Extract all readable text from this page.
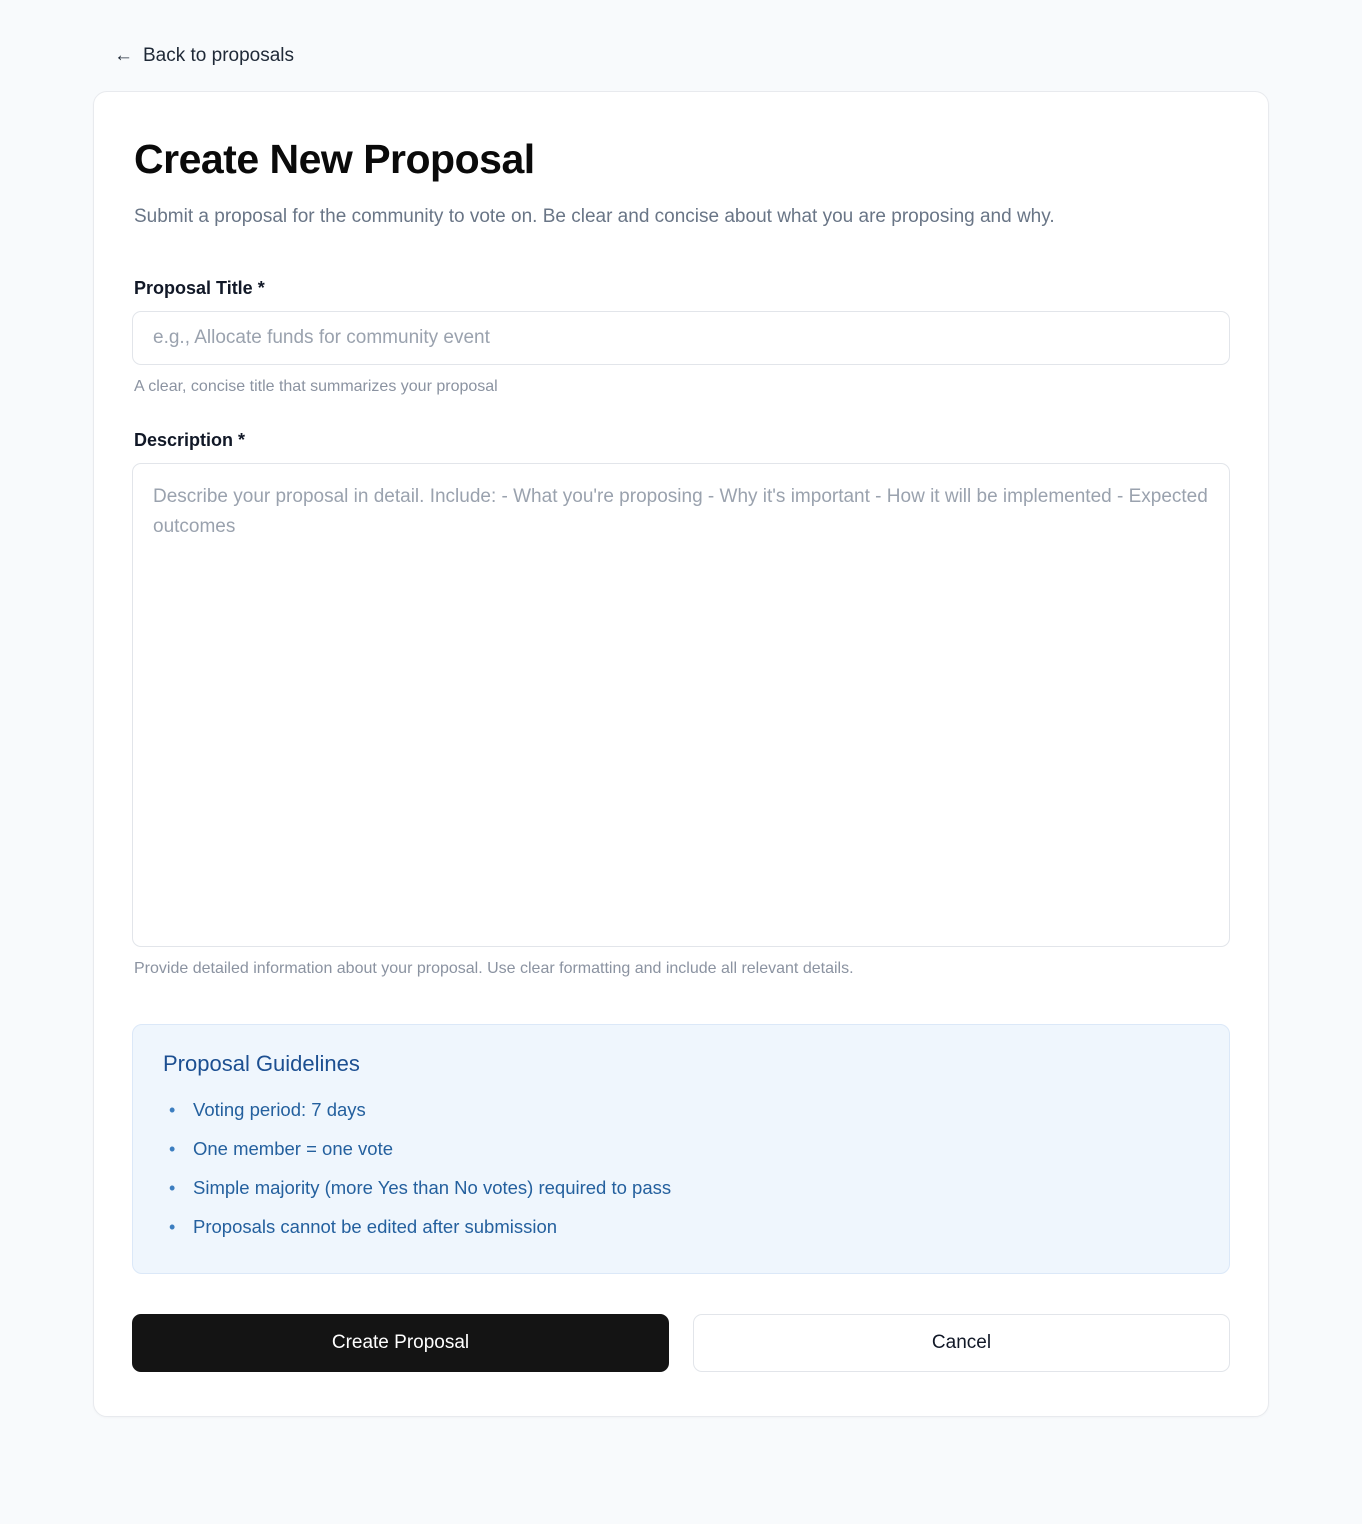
← Back to proposals
Create New Proposal

Submit a proposal for the community to vote on. Be clear and concise about what you are proposing and why.

Proposal Title *
e.g., Allocate funds for community event
A clear, concise title that summarizes your proposal
Description *
Describe your proposal in detail. Include: - What you're proposing - Why it's important - How it will be implemented - Expected outcomes
Provide detailed information about your proposal. Use clear formatting and include all relevant details.
Proposal Guidelines
• Voting period: 7 days
• One member = one vote
• Simple majority (more Yes than No votes) required to pass
• Proposals cannot be edited after submission
Create Proposal	Cancel
